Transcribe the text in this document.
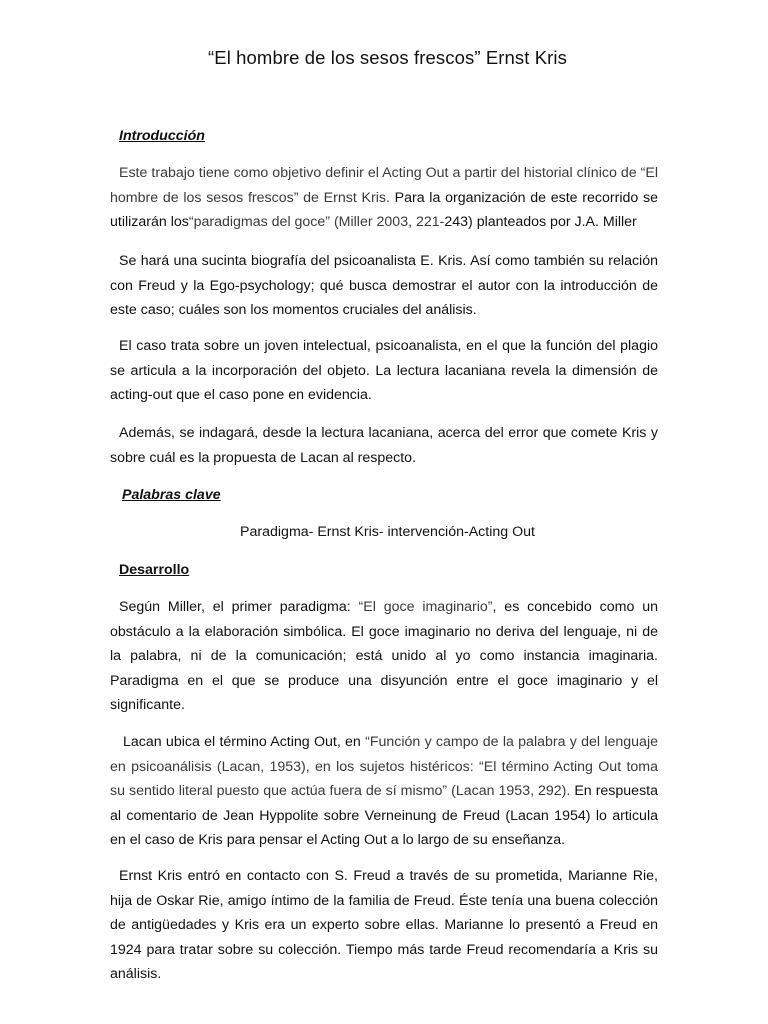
“El hombre de los sesos frescos” Ernst Kris
Introducción
Este trabajo tiene como objetivo definir el Acting Out a partir del historial clínico de “El hombre de los sesos frescos” de Ernst Kris. Para la organización de este recorrido se utilizarán los“paradigmas del goce” (Miller 2003, 221-243) planteados por J.A. Miller
Se hará una sucinta biografía del psicoanalista E. Kris. Así como también su relación con Freud y la Ego-psychology; qué busca demostrar el autor con la introducción de este caso; cuáles son los momentos cruciales del análisis.
El caso trata sobre un joven intelectual, psicoanalista, en el que la función del plagio se articula a la incorporación del objeto. La lectura lacaniana revela la dimensión de acting-out que el caso pone en evidencia.
Además, se indagará, desde la lectura lacaniana, acerca del error que comete Kris y sobre cuál es la propuesta de Lacan al respecto.
Palabras clave
Paradigma- Ernst Kris- intervención-Acting Out
Desarrollo
Según Miller, el primer paradigma: “El goce imaginario”, es concebido como un obstáculo a la elaboración simbólica. El goce imaginario no deriva del lenguaje, ni de la palabra, ni de la comunicación; está unido al yo como instancia imaginaria. Paradigma en el que se produce una disyunción entre el goce imaginario y el significante.
Lacan ubica el término Acting Out, en “Función y campo de la palabra y del lenguaje en psicoanálisis (Lacan, 1953), en los sujetos histéricos: “El término Acting Out toma su sentido literal puesto que actúa fuera de sí mismo” (Lacan 1953, 292). En respuesta al comentario de Jean Hyppolite sobre Verneinung de Freud (Lacan 1954) lo articula en el caso de Kris para pensar el Acting Out a lo largo de su enseñanza.
Ernst Kris entró en contacto con S. Freud a través de su prometida, Marianne Rie, hija de Oskar Rie, amigo íntimo de la familia de Freud. Éste tenía una buena colección de antigüedades y Kris era un experto sobre ellas. Marianne lo presentó a Freud en 1924 para tratar sobre su colección. Tiempo más tarde Freud recomendaría a Kris su análisis.
